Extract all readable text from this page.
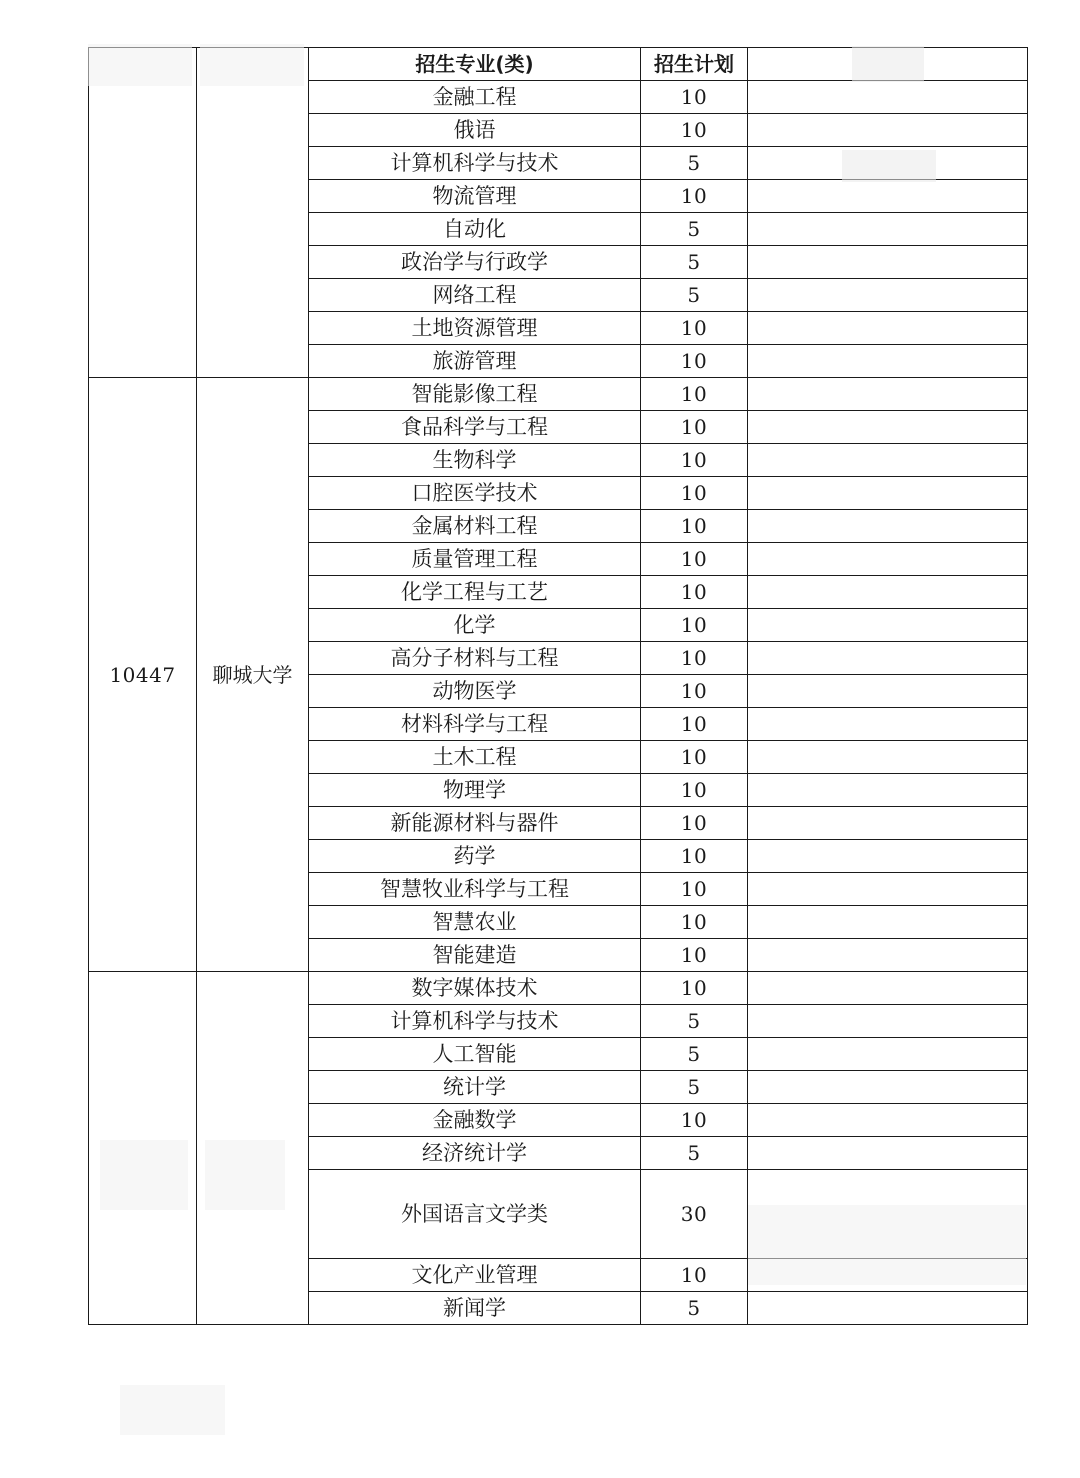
		招生专业(类)	招生计划	
		金融工程	10	
		俄语	10	
		计算机科学与技术	5	
		物流管理	10	
		自动化	5	
		政治学与行政学	5	
		网络工程	5	
		土地资源管理	10	
		旅游管理	10	
10447	聊城大学	智能影像工程	10	
		食品科学与工程	10	
		生物科学	10	
		口腔医学技术	10	
		金属材料工程	10	
		质量管理工程	10	
		化学工程与工艺	10	
		化学	10	
		高分子材料与工程	10	
		动物医学	10	
		材料科学与工程	10	
		土木工程	10	
		物理学	10	
		新能源材料与器件	10	
		药学	10	
		智慧牧业科学与工程	10	
		智慧农业	10	
		智能建造	10	
		数字媒体技术	10	
		计算机科学与技术	5	
		人工智能	5	
		统计学	5	
		金融数学	10	
		经济统计学	5	
		外国语言文学类	30	
		文化产业管理	10	
		新闻学	5	
